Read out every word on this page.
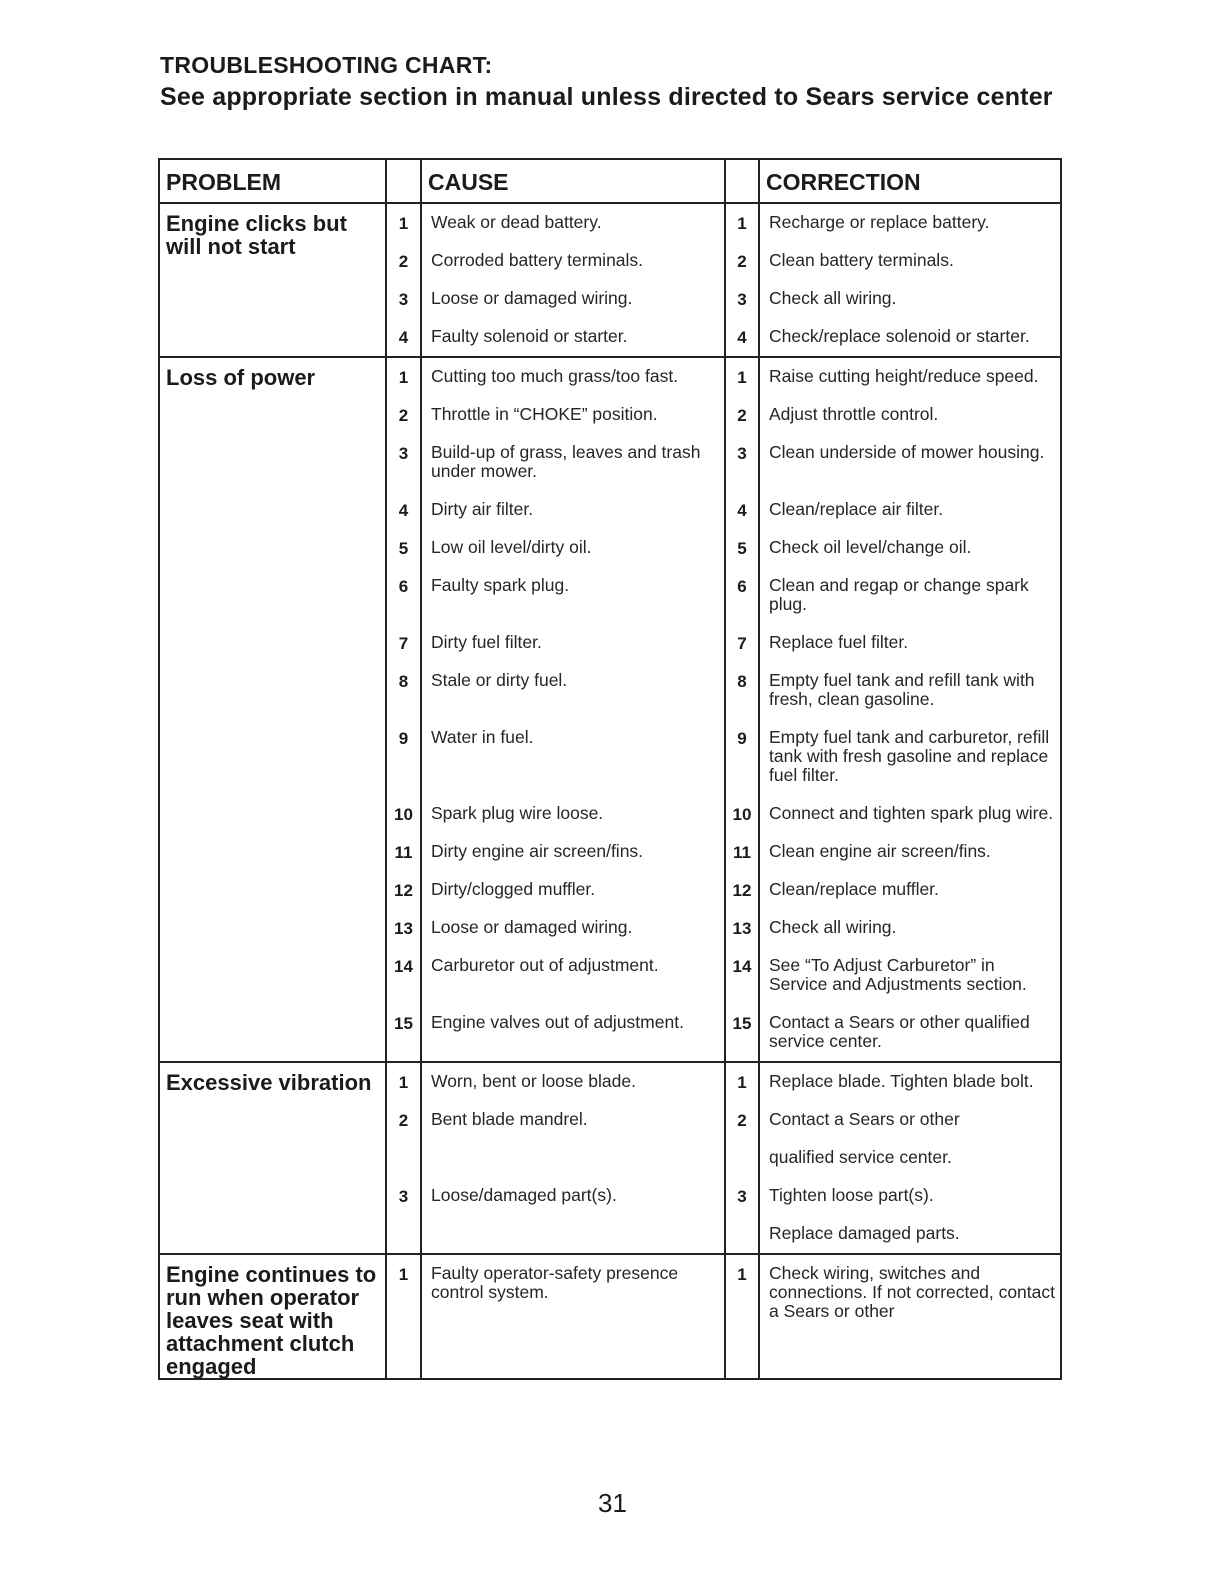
TROUBLESHOOTING CHART:
See appropriate section in manual unless directed to Sears service center
PROBLEM		CAUSE		CORRECTION
Engine clicks but will not start	1	Weak or dead battery.	1	Recharge or replace battery.
	2	Corroded battery terminals.	2	Clean battery terminals.
	3	Loose or damaged wiring.	3	Check all wiring.
	4	Faulty solenoid or starter.	4	Check/replace solenoid or starter.
Loss of power	1	Cutting too much grass/too fast.	1	Raise cutting height/reduce speed.
	2	Throttle in “CHOKE” position.	2	Adjust throttle control.
	3	Build-up of grass, leaves and trash under mower.	3	Clean underside of mower housing.
	4	Dirty air filter.	4	Clean/replace air filter.
	5	Low oil level/dirty oil.	5	Check oil level/change oil.
	6	Faulty spark plug.	6	Clean and regap or change spark plug.
	7	Dirty fuel filter.	7	Replace fuel filter.
	8	Stale or dirty fuel.	8	Empty fuel tank and refill tank with fresh, clean gasoline.
	9	Water in fuel.	9	Empty fuel tank and carburetor, refill tank with fresh gasoline and replace fuel filter.
	10	Spark plug wire loose.	10	Connect and tighten spark plug wire.
	11	Dirty engine air screen/fins.	11	Clean engine air screen/fins.
	12	Dirty/clogged muffler.	12	Clean/replace muffler.
	13	Loose or damaged wiring.	13	Check all wiring.
	14	Carburetor out of adjustment.	14	See “To Adjust Carburetor” in Service and Adjustments section.
	15	Engine valves out of adjustment.	15	Contact a Sears or other qualified service center.
Excessive vibration	1	Worn, bent or loose blade.	1	Replace blade. Tighten blade bolt.
	2	Bent blade mandrel.	2	Contact a Sears or other
				qualified service center.
	3	Loose/damaged part(s).	3	Tighten loose part(s).
				Replace damaged parts.
Engine continues to run when operator leaves seat with attachment clutch engaged	1	Faulty operator-safety presence control system.	1	Check wiring, switches and connections. If not corrected, contact a Sears or other
31
